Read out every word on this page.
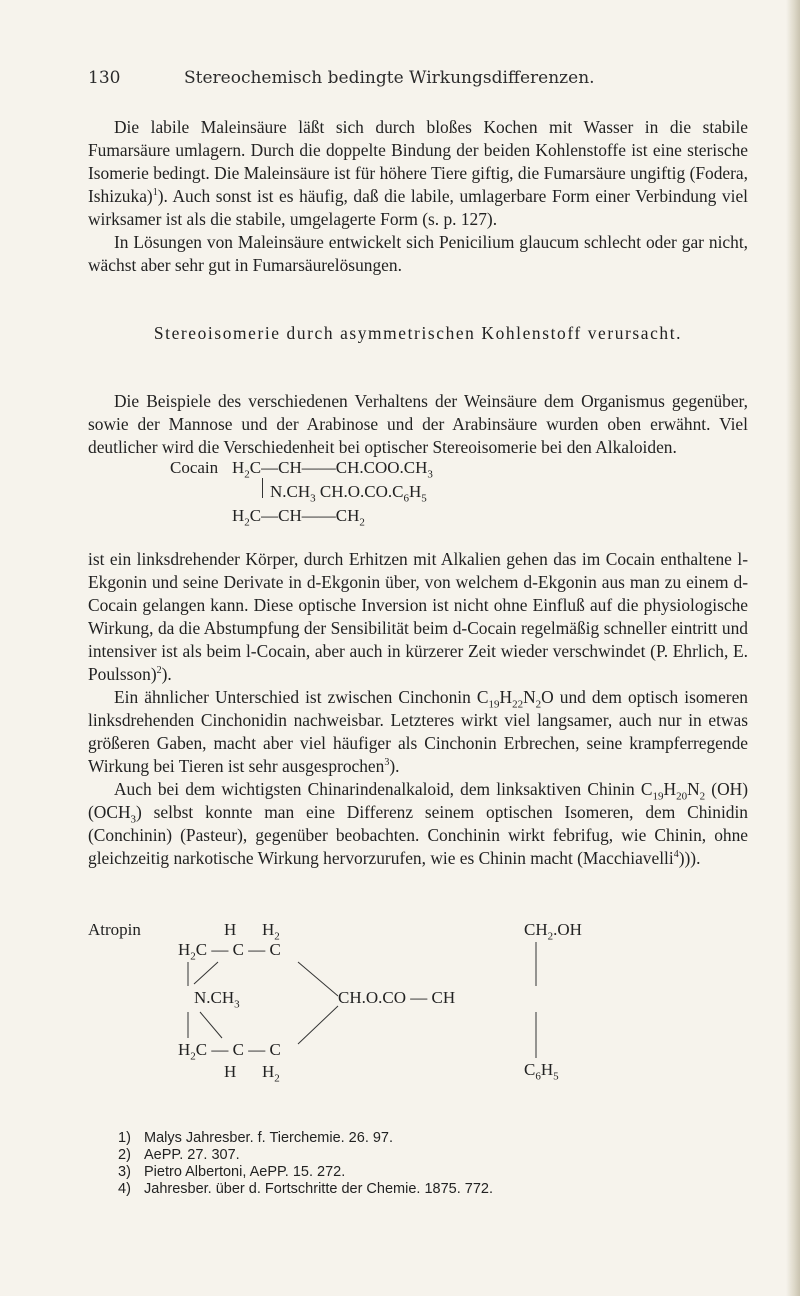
130	Stereochemisch bedingte Wirkungsdifferenzen.

Die labile Maleinsäure läßt sich durch bloßes Kochen mit Wasser in die stabile Fumarsäure umlagern. Durch die doppelte Bindung der beiden Kohlenstoffe ist eine sterische Isomerie bedingt. Die Maleinsäure ist für höhere Tiere giftig, die Fumarsäure ungiftig (Fodera, Ishizuka)$^1$). Auch sonst ist es häufig, daß die labile, umlagerbare Form einer Verbindung viel wirksamer ist als die stabile, umgelagerte Form (s. p. 127).

In Lösungen von Maleinsäure entwickelt sich Penicilium glaucum schlecht oder gar nicht, wächst aber sehr gut in Fumarsäurelösungen.

Stereoisomerie durch asymmetrischen Kohlenstoff verursacht.

Die Beispiele des verschiedenen Verhaltens der Weinsäure dem Organismus gegenüber, sowie der Mannose und der Arabinose und der Arabinsäure wurden oben erwähnt. Viel deutlicher wird die Verschiedenheit bei optischer Stereoisomerie bei den Alkaloiden.

Cocain $H_2C—CH——CH.COO.CH_3$
$N.CH_3$ $CH.O.CO.C_6H_5$
$H_2C—CH——CH_2$

ist ein linksdrehender Körper, durch Erhitzen mit Alkalien gehen das im Cocain enthaltene l-Ekgonin und seine Derivate in d-Ekgonin über, von welchem d-Ekgonin aus man zu einem d-Cocain gelangen kann. Diese optische Inversion ist nicht ohne Einfluß auf die physiologische Wirkung, da die Abstumpfung der Sensibilität beim d-Cocain regelmäßig schneller eintritt und intensiver ist als beim l-Cocain, aber auch in kürzerer Zeit wieder verschwindet (P. Ehrlich, E. Poulsson)$^2$).

Ein ähnlicher Unterschied ist zwischen Cinchonin $C_{19}H_{22}N_2O$ und dem optisch isomeren linksdrehenden Cinchonidin nachweisbar. Letzteres wirkt viel langsamer, auch nur in etwas größeren Gaben, macht aber viel häufiger als Cinchonin Erbrechen, seine krampferregende Wirkung bei Tieren ist sehr ausgesprochen$^3$).

Auch bei dem wichtigsten Chinarindenalkaloid, dem linksaktiven Chinin $C_{19}H_{20}N_2$ (OH) $(OCH_3)$ selbst konnte man eine Differenz seinem optischen Isomeren, dem Chinidin (Conchinin) (Pasteur), gegenüber beobachten. Conchinin wirkt febrifug, wie Chinin, ohne gleichzeitig narkotische Wirkung hervorzurufen, wie es Chinin macht (Macchiavelli$^4$))).

Atropin	H $H_2$
$H_2C$ — C — C
$CH_2.OH$
$N.CH_3$	CH.O.CO — CH
$H_2C$ — C — C
H $H_2$	$C_6H_5$
1) Malys Jahresber. f. Tierchemie. 26. 97.
2) AePP. 27. 307.
3) Pietro Albertoni, AePP. 15. 272.
4) Jahresber. über d. Fortschritte der Chemie. 1875. 772.
